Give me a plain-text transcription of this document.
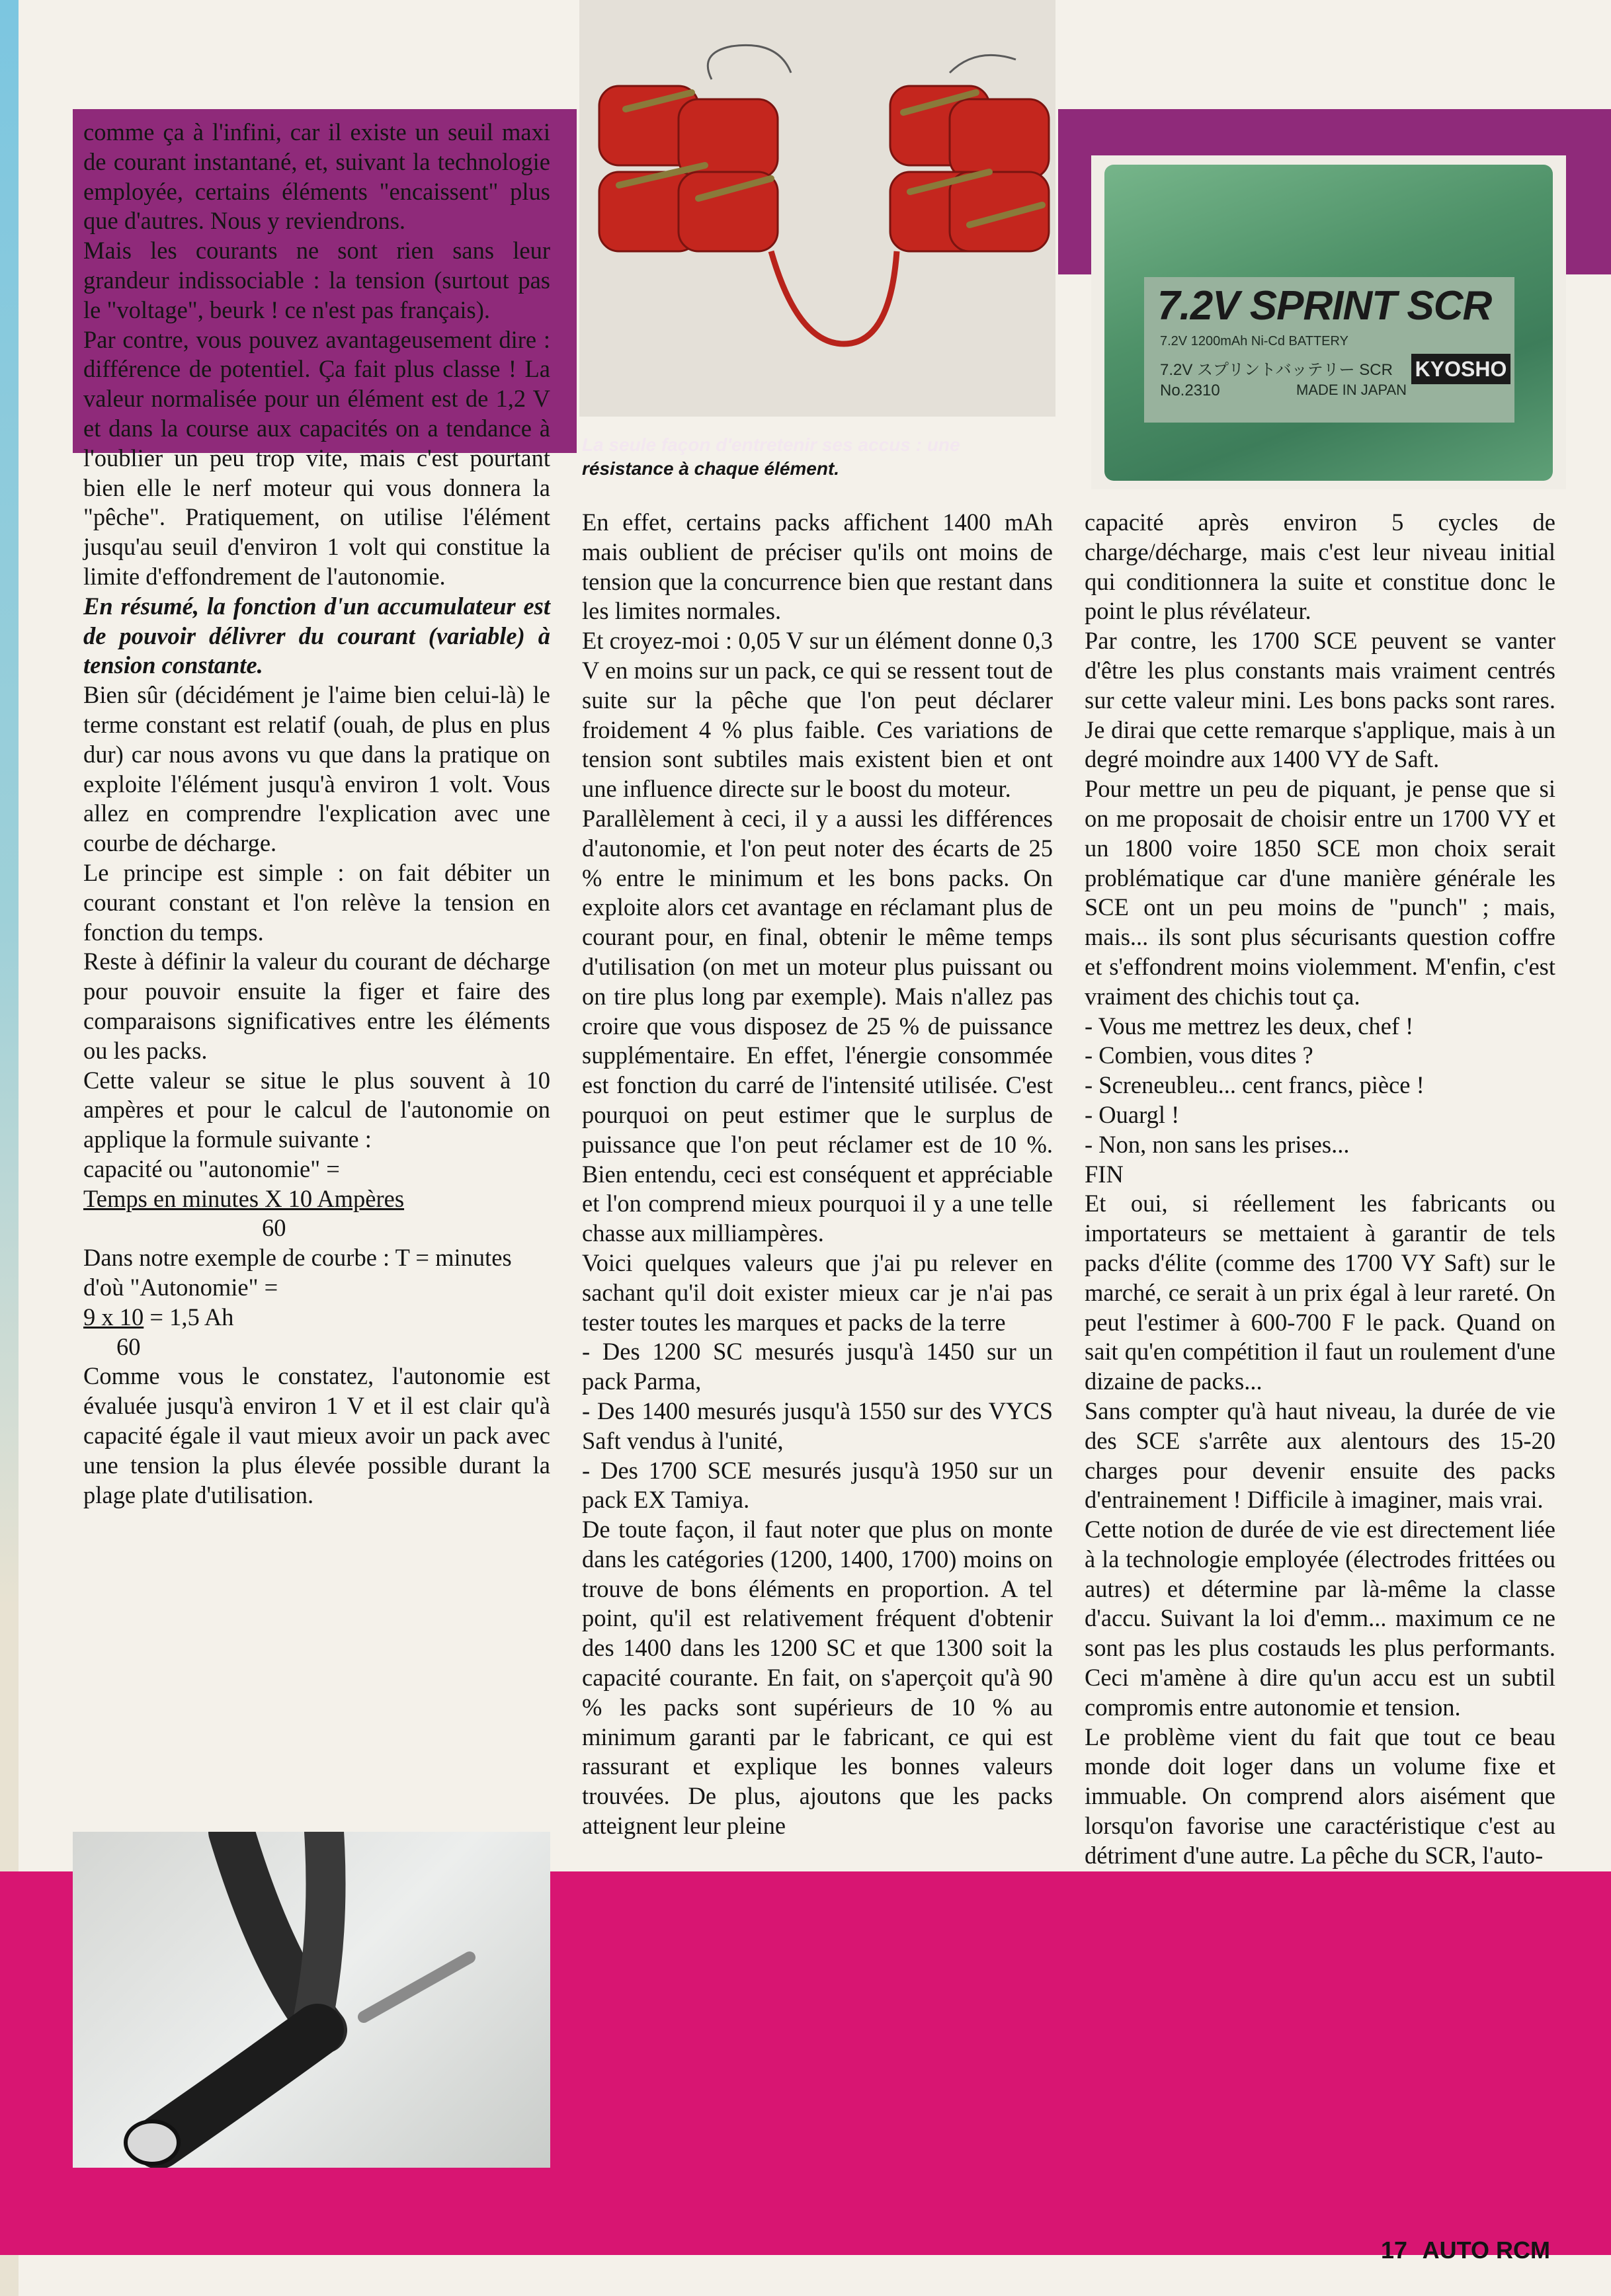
La seule façon d'entretenir ses accus : une
résistance à chaque élément.
7.2V SPRINT SCR
7.2V 1200mAh Ni-Cd BATTERY
7.2V スプリントバッテリー SCR
No.2310	MADE IN JAPAN
KYOSHO

comme ça à l'infini, car il existe un seuil maxi de courant instantané, et, suivant la technologie employée, certains éléments "encaissent" plus que d'autres. Nous y reviendrons.

Mais les courants ne sont rien sans leur grandeur indissociable : la tension (surtout pas le "voltage", beurk ! ce n'est pas français).

Par contre, vous pouvez avantageusement dire : différence de potentiel. Ça fait plus classe ! La valeur normalisée pour un élément est de 1,2 V et dans la course aux capacités on a tendance à l'oublier un peu trop vite, mais c'est pourtant bien elle le nerf moteur qui vous donnera la "pêche". Pratiquement, on utilise l'élément jusqu'au seuil d'environ 1 volt qui constitue la limite d'effondrement de l'autonomie.

En résumé, la fonction d'un accumulateur est de pouvoir délivrer du courant (variable) à tension constante.

Bien sûr (décidément je l'aime bien celui-là) le terme constant est relatif (ouah, de plus en plus dur) car nous avons vu que dans la pratique on exploite l'élément jusqu'à environ 1 volt. Vous allez en comprendre l'explication avec une courbe de décharge.

Le principe est simple : on fait débiter un courant constant et l'on relève la tension en fonction du temps.

Reste à définir la valeur du courant de décharge pour pouvoir ensuite la figer et faire des comparaisons significatives entre les éléments ou les packs.

Cette valeur se situe le plus souvent à 10 ampères et pour le calcul de l'autonomie on applique la formule suivante :

capacité ou "autonomie" =
Temps en minutes X 10 Ampères
60
Dans notre exemple de courbe : T = minutes d'où "Autonomie" =
9 x 10 = 1,5 Ah
60

Comme vous le constatez, l'autonomie est évaluée jusqu'à environ 1 V et il est clair qu'à capacité égale il vaut mieux avoir un pack avec une tension la plus élevée possible durant la plage plate d'utilisation.

En effet, certains packs affichent 1400 mAh mais oublient de préciser qu'ils ont moins de tension que la concurrence bien que restant dans les limites normales.

Et croyez-moi : 0,05 V sur un élément donne 0,3 V en moins sur un pack, ce qui se ressent tout de suite sur la pêche que l'on peut déclarer froidement 4 % plus faible. Ces variations de tension sont subtiles mais existent bien et ont une influence directe sur le boost du moteur.

Parallèlement à ceci, il y a aussi les différences d'autonomie, et l'on peut noter des écarts de 25 % entre le minimum et les bons packs. On exploite alors cet avantage en réclamant plus de courant pour, en final, obtenir le même temps d'utilisation (on met un moteur plus puissant ou on tire plus long par exemple). Mais n'allez pas croire que vous disposez de 25 % de puissance supplémentaire. En effet, l'énergie consommée est fonction du carré de l'intensité utilisée. C'est pourquoi on peut estimer que le surplus de puissance que l'on peut réclamer est de 10 %. Bien entendu, ceci est conséquent et appréciable et l'on comprend mieux pourquoi il y a une telle chasse aux milliampères.

Voici quelques valeurs que j'ai pu relever en sachant qu'il doit exister mieux car je n'ai pas tester toutes les marques et packs de la terre

- Des 1200 SC mesurés jusqu'à 1450 sur un pack Parma,

- Des 1400 mesurés jusqu'à 1550 sur des VYCS Saft vendus à l'unité,

- Des 1700 SCE mesurés jusqu'à 1950 sur un pack EX Tamiya.

De toute façon, il faut noter que plus on monte dans les catégories (1200, 1400, 1700) moins on trouve de bons éléments en proportion. A tel point, qu'il est relativement fréquent d'obtenir des 1400 dans les 1200 SC et que 1300 soit la capacité courante. En fait, on s'aperçoit qu'à 90 % les packs sont supérieurs de 10 % au minimum garanti par le fabricant, ce qui est rassurant et explique les bonnes valeurs trouvées. De plus, ajoutons que les packs atteignent leur pleine

capacité après environ 5 cycles de charge/décharge, mais c'est leur niveau initial qui conditionnera la suite et constitue donc le point le plus révélateur.

Par contre, les 1700 SCE peuvent se vanter d'être les plus constants mais vraiment centrés sur cette valeur mini. Les bons packs sont rares. Je dirai que cette remarque s'applique, mais à un degré moindre aux 1400 VY de Saft.

Pour mettre un peu de piquant, je pense que si on me proposait de choisir entre un 1700 VY et un 1800 voire 1850 SCE mon choix serait problématique car d'une manière générale les SCE ont un peu moins de "punch" ; mais, mais... ils sont plus sécurisants question coffre et s'effondrent moins violemment. M'enfin, c'est vraiment des chichis tout ça.

- Vous me mettrez les deux, chef !

- Combien, vous dites ?

- Screneubleu... cent francs, pièce !

- Ouargl !

- Non, non sans les prises...

FIN

Et oui, si réellement les fabricants ou importateurs se mettaient à garantir de tels packs d'élite (comme des 1700 VY Saft) sur le marché, ce serait à un prix égal à leur rareté. On peut l'estimer à 600-700 F le pack. Quand on sait qu'en compétition il faut un roulement d'une dizaine de packs...

Sans compter qu'à haut niveau, la durée de vie des SCE s'arrête aux alentours des 15-20 charges pour devenir ensuite des packs d'entrainement ! Difficile à imaginer, mais vrai.

Cette notion de durée de vie est directement liée à la technologie employée (électrodes frittées ou autres) et détermine par là-même la classe d'accu. Suivant la loi d'emm... maximum ce ne sont pas les plus costauds les plus performants. Ceci m'amène à dire qu'un accu est un subtil compromis entre autonomie et tension.

Le problème vient du fait que tout ce beau monde doit loger dans un volume fixe et immuable. On comprend alors aisément que lorsqu'on favorise une caractéristique c'est au détriment d'une autre. La pêche du SCR, l'auto-

17 AUTO RCM
